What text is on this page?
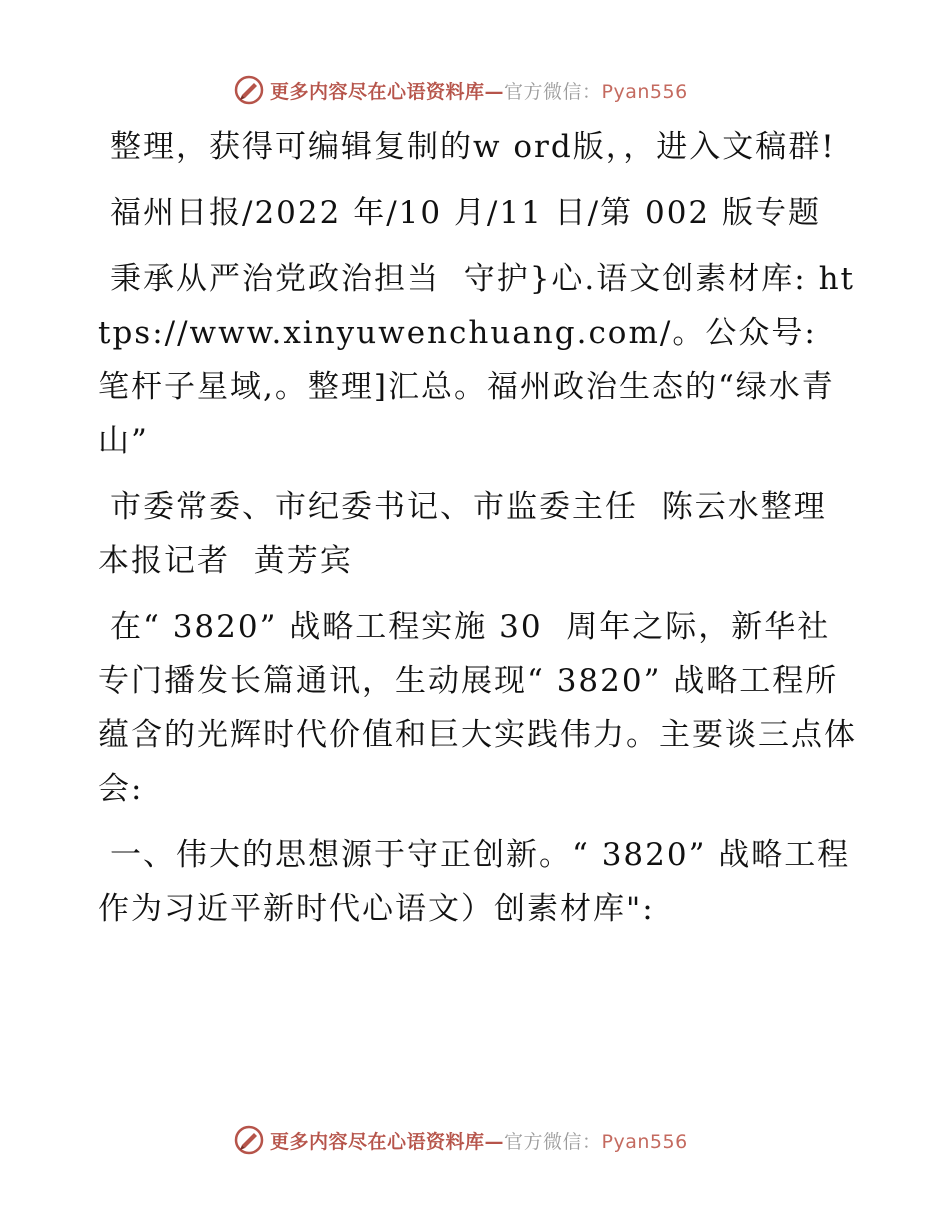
更多内容尽在心语资料库—官方微信：Pyan556

整理，获得可编辑复制的w ord版，，进入文稿群!

福州日报/2022 年/10 月/11 日/第 002 版专题

秉承从严治党政治担当  守护}心.语文创素材库: https://www.xinyuwenchuang.com/。公众号: 笔杆子星域,。整理]汇总。福州政治生态的“绿水青山”

市委常委、市纪委书记、市监委主任  陈云水整理  本报记者  黄芳宾

在“ 3820” 战略工程实施 30  周年之际，新华社专门播发长篇通讯，生动展现“ 3820” 战略工程所蕴含的光辉时代价值和巨大实践伟力。主要谈三点体会:

一、伟大的思想源于守正创新。“ 3820” 战略工程作为习近平新时代心语文）创素材库":

更多内容尽在心语资料库—官方微信：Pyan556
